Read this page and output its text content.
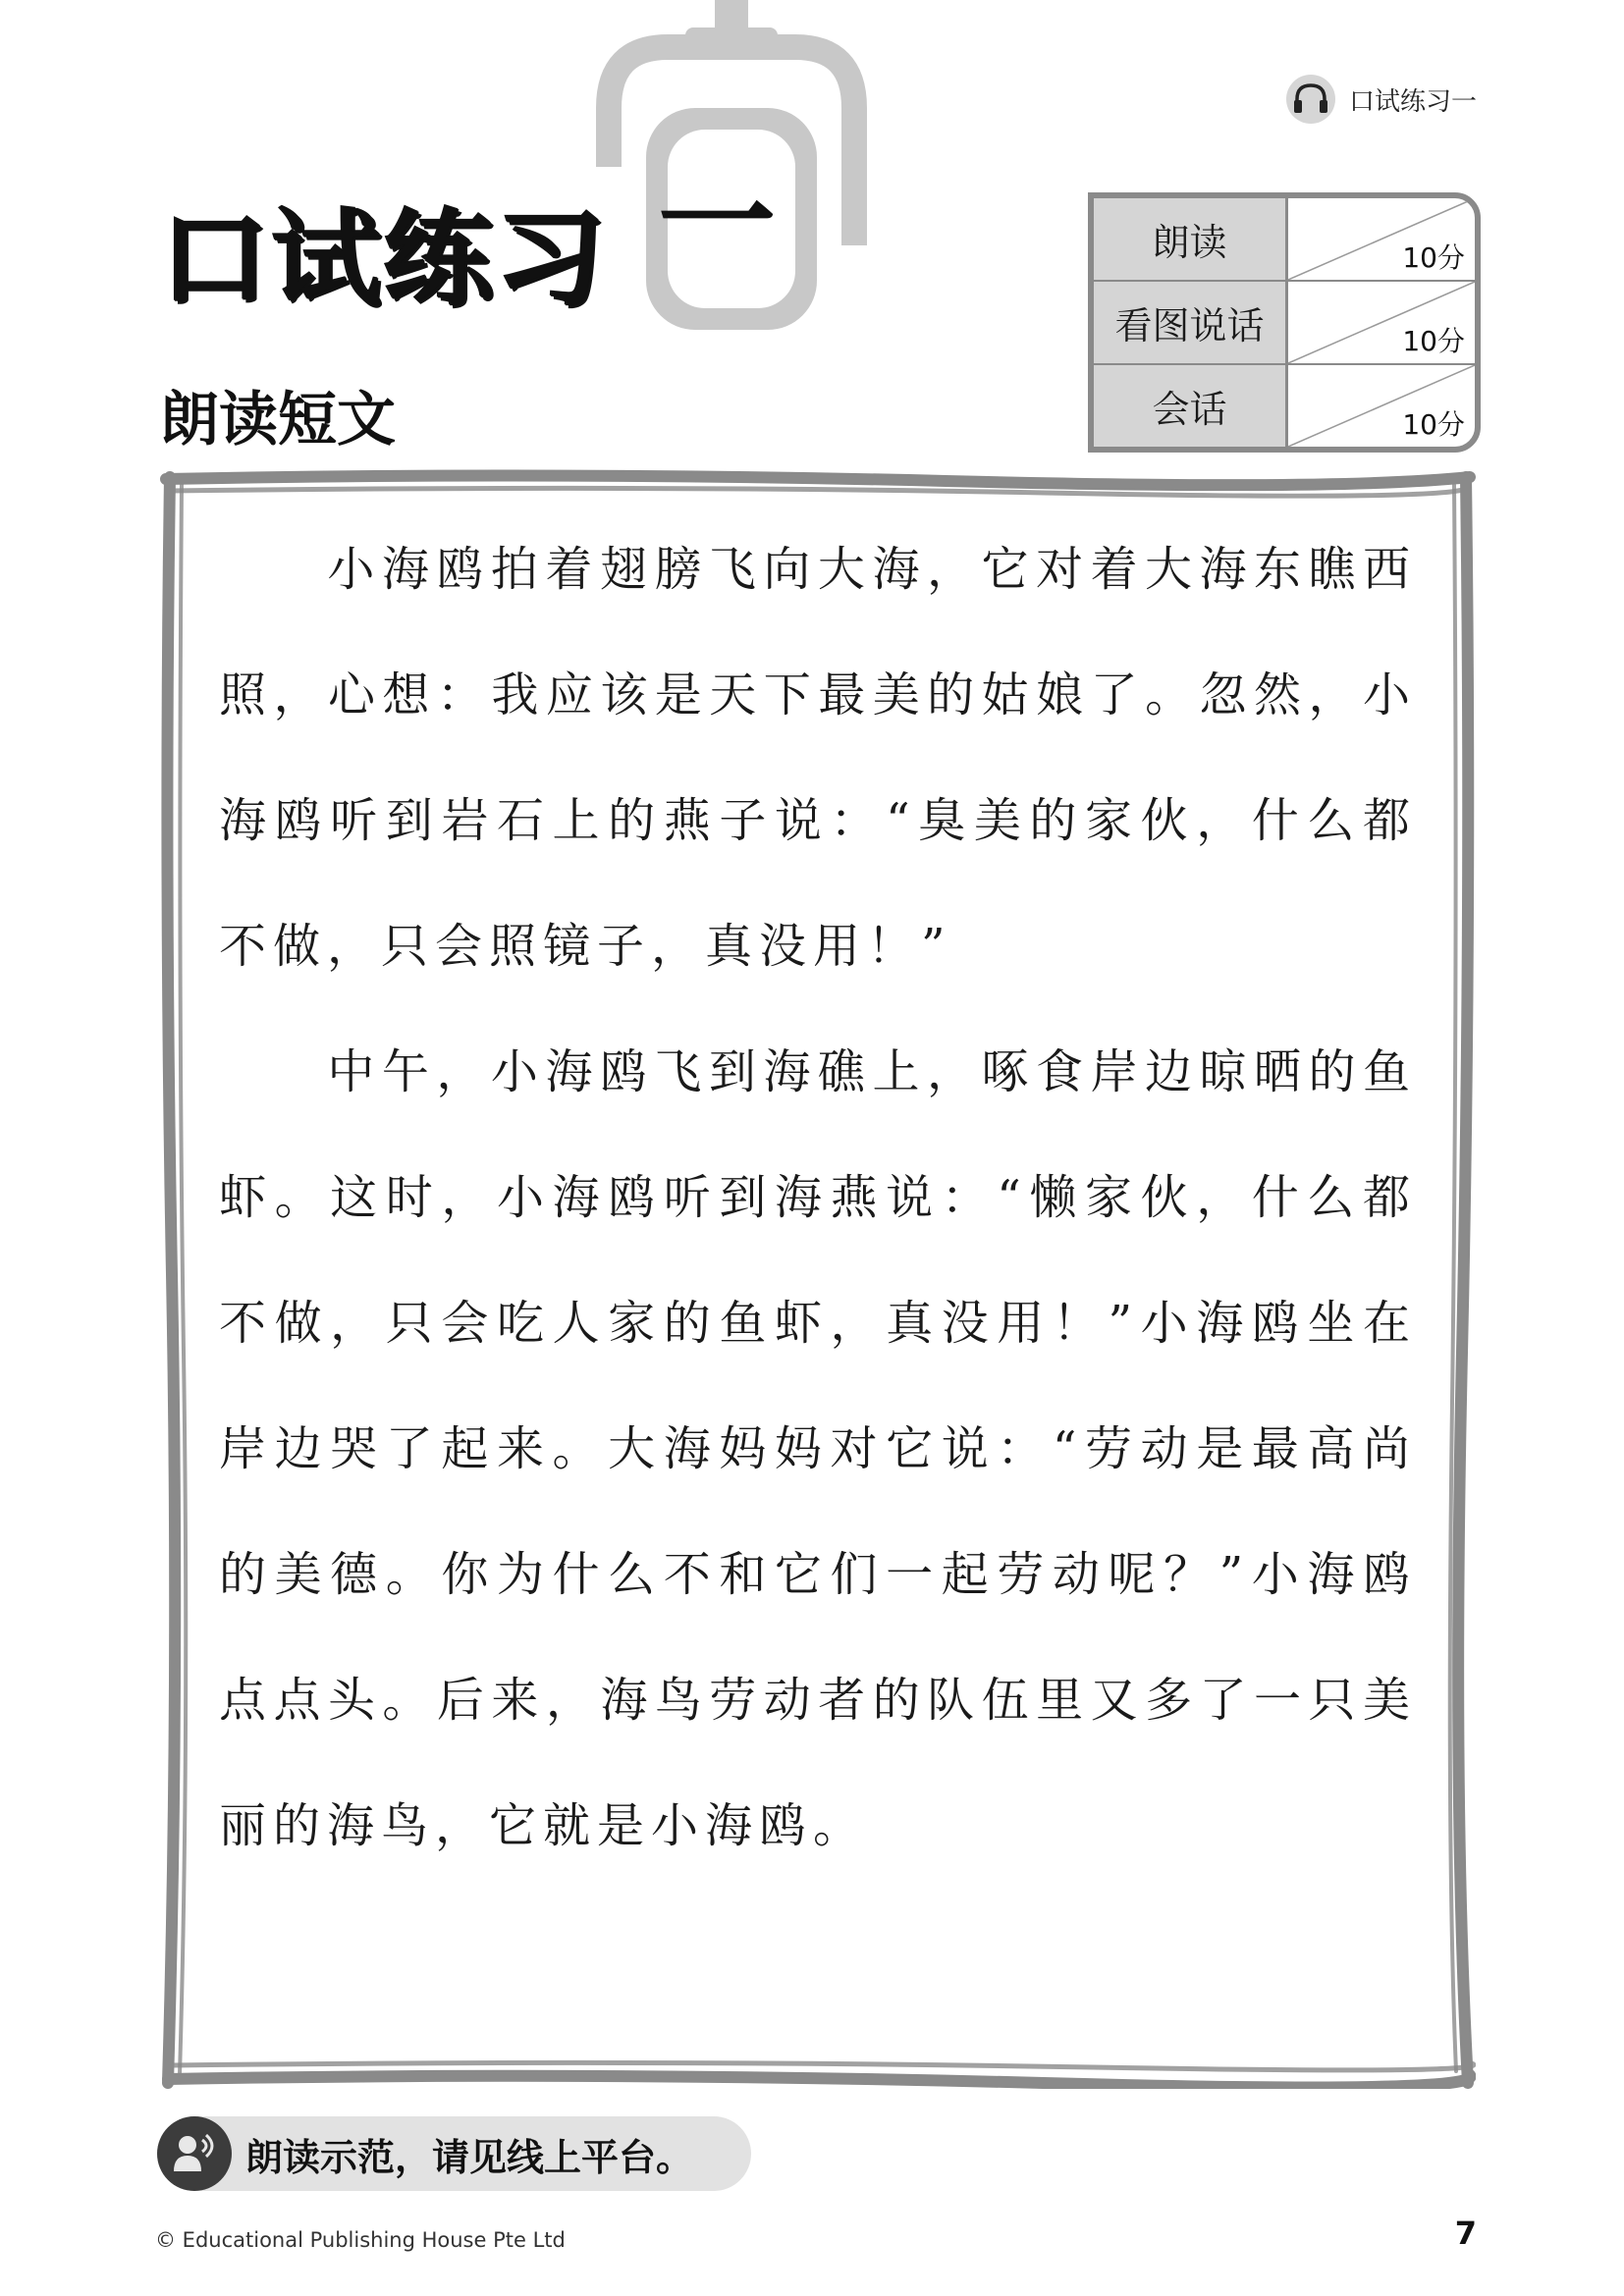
口试练习一
口试练习 一
朗读短文
朗读	10分
看图说话	10分
会话	10分

小海鸥拍着翅膀飞向大海，它对着大海东瞧西照，心想：我应该是天下最美的姑娘了。忽然，小海鸥听到岩石上的燕子说：“臭美的家伙，什么都不做，只会照镜子，真没用！”

中午，小海鸥飞到海礁上，啄食岸边晾晒的鱼虾。这时，小海鸥听到海燕说：“懒家伙，什么都不做，只会吃人家的鱼虾，真没用！”小海鸥坐在岸边哭了起来。大海妈妈对它说：“劳动是最高尚的美德。你为什么不和它们一起劳动呢？”小海鸥点点头。后来，海鸟劳动者的队伍里又多了一只美丽的海鸟，它就是小海鸥。

朗读示范，请见线上平台。
© Educational Publishing House Pte Ltd	7
